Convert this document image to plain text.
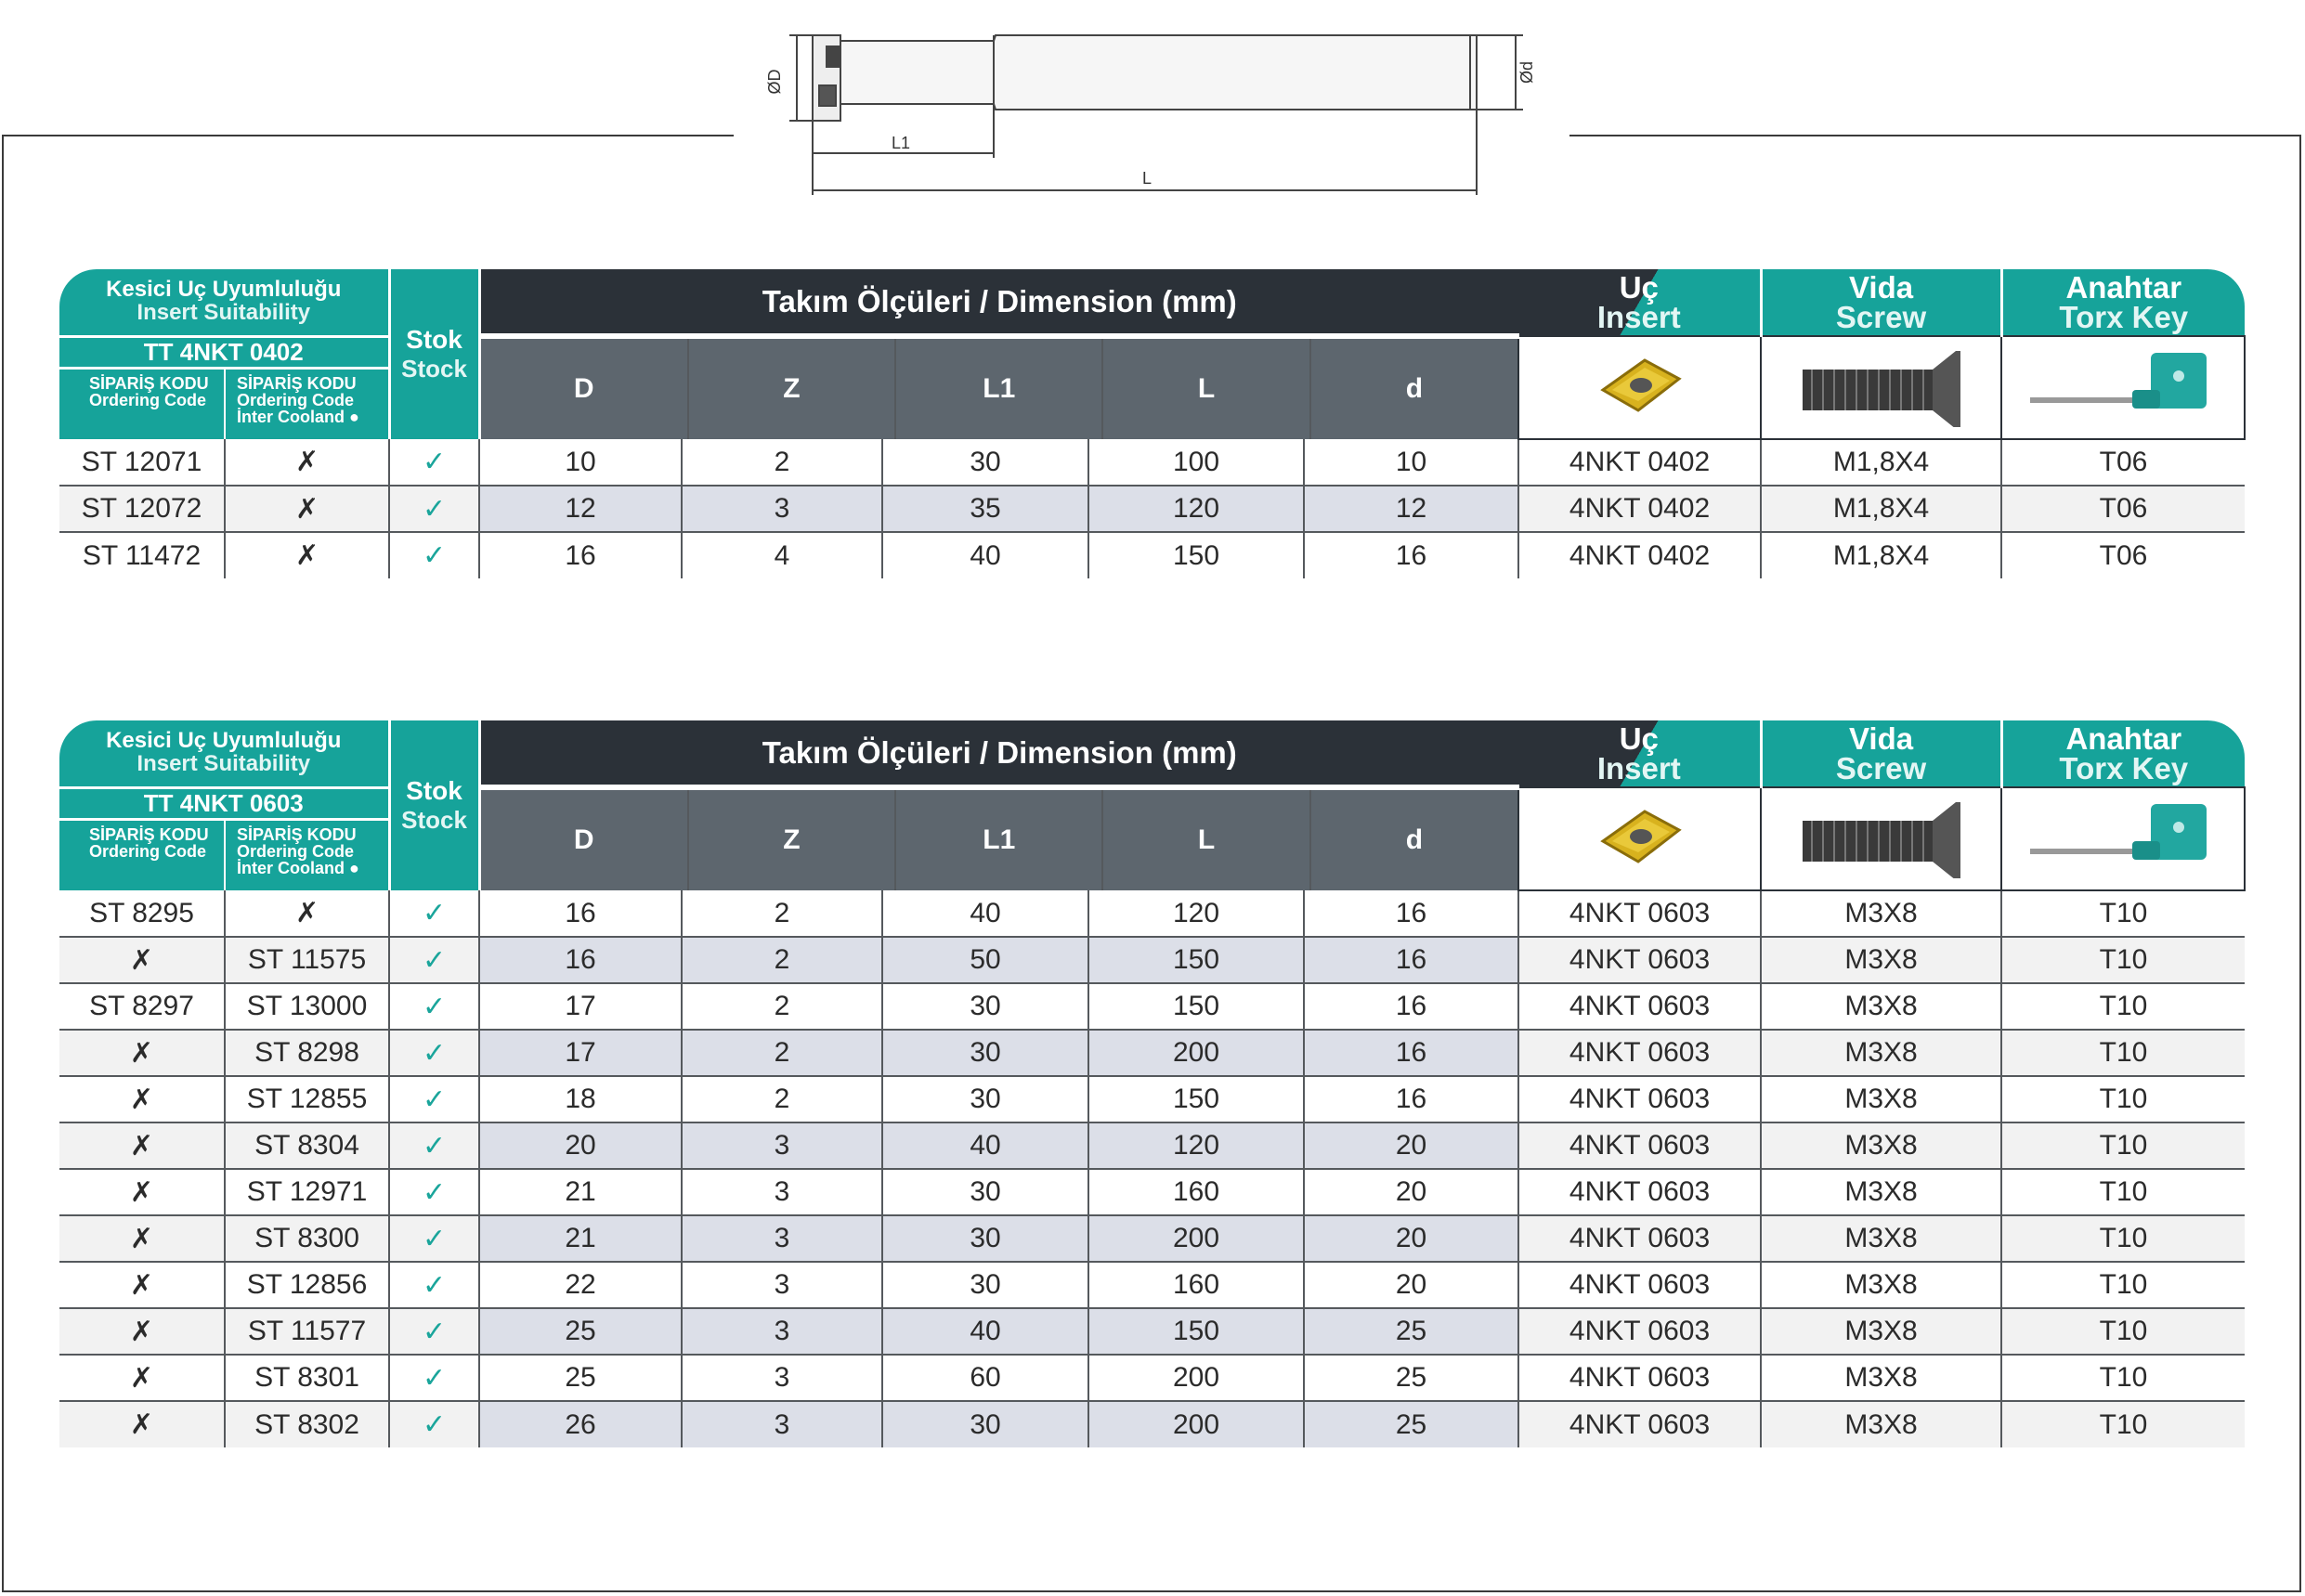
ØD	Ød
L1
L
Kesici Uç Uyumluluğu
Insert Suitability

Stok
Stock
	Takım Ölçüleri / Dimension (mm)	Uç
Insert

Vida
Screw

Anahtar
Torx Key

TT 4NKT 0402	
D	Z	L1	L	d

SİPARİŞ KODU
Ordering Code

SİPARİŞ KODU
Ordering Code
İnter Cooland ●

ST 12071	✗	✓	10	2	30	100	10	4NKT 0402	M1,8X4	T06
ST 12072	✗	✓	12	3	35	120	12	4NKT 0402	M1,8X4	T06
ST 11472	✗	✓	16	4	40	150	16	4NKT 0402	M1,8X4	T06
Kesici Uç Uyumluluğu
Insert Suitability

Stok
Stock
	Takım Ölçüleri / Dimension (mm)	Uç
Insert

Vida
Screw

Anahtar
Torx Key

TT 4NKT 0603	
D	Z	L1	L	d

SİPARİŞ KODU
Ordering Code

SİPARİŞ KODU
Ordering Code
İnter Cooland ●

ST 8295	✗	✓	16	2	40	120	16	4NKT 0603	M3X8	T10
✗	ST 11575	✓	16	2	50	150	16	4NKT 0603	M3X8	T10
ST 8297	ST 13000	✓	17	2	30	150	16	4NKT 0603	M3X8	T10
✗	ST 8298	✓	17	2	30	200	16	4NKT 0603	M3X8	T10
✗	ST 12855	✓	18	2	30	150	16	4NKT 0603	M3X8	T10
✗	ST 8304	✓	20	3	40	120	20	4NKT 0603	M3X8	T10
✗	ST 12971	✓	21	3	30	160	20	4NKT 0603	M3X8	T10
✗	ST 8300	✓	21	3	30	200	20	4NKT 0603	M3X8	T10
✗	ST 12856	✓	22	3	30	160	20	4NKT 0603	M3X8	T10
✗	ST 11577	✓	25	3	40	150	25	4NKT 0603	M3X8	T10
✗	ST 8301	✓	25	3	60	200	25	4NKT 0603	M3X8	T10
✗	ST 8302	✓	26	3	30	200	25	4NKT 0603	M3X8	T10
